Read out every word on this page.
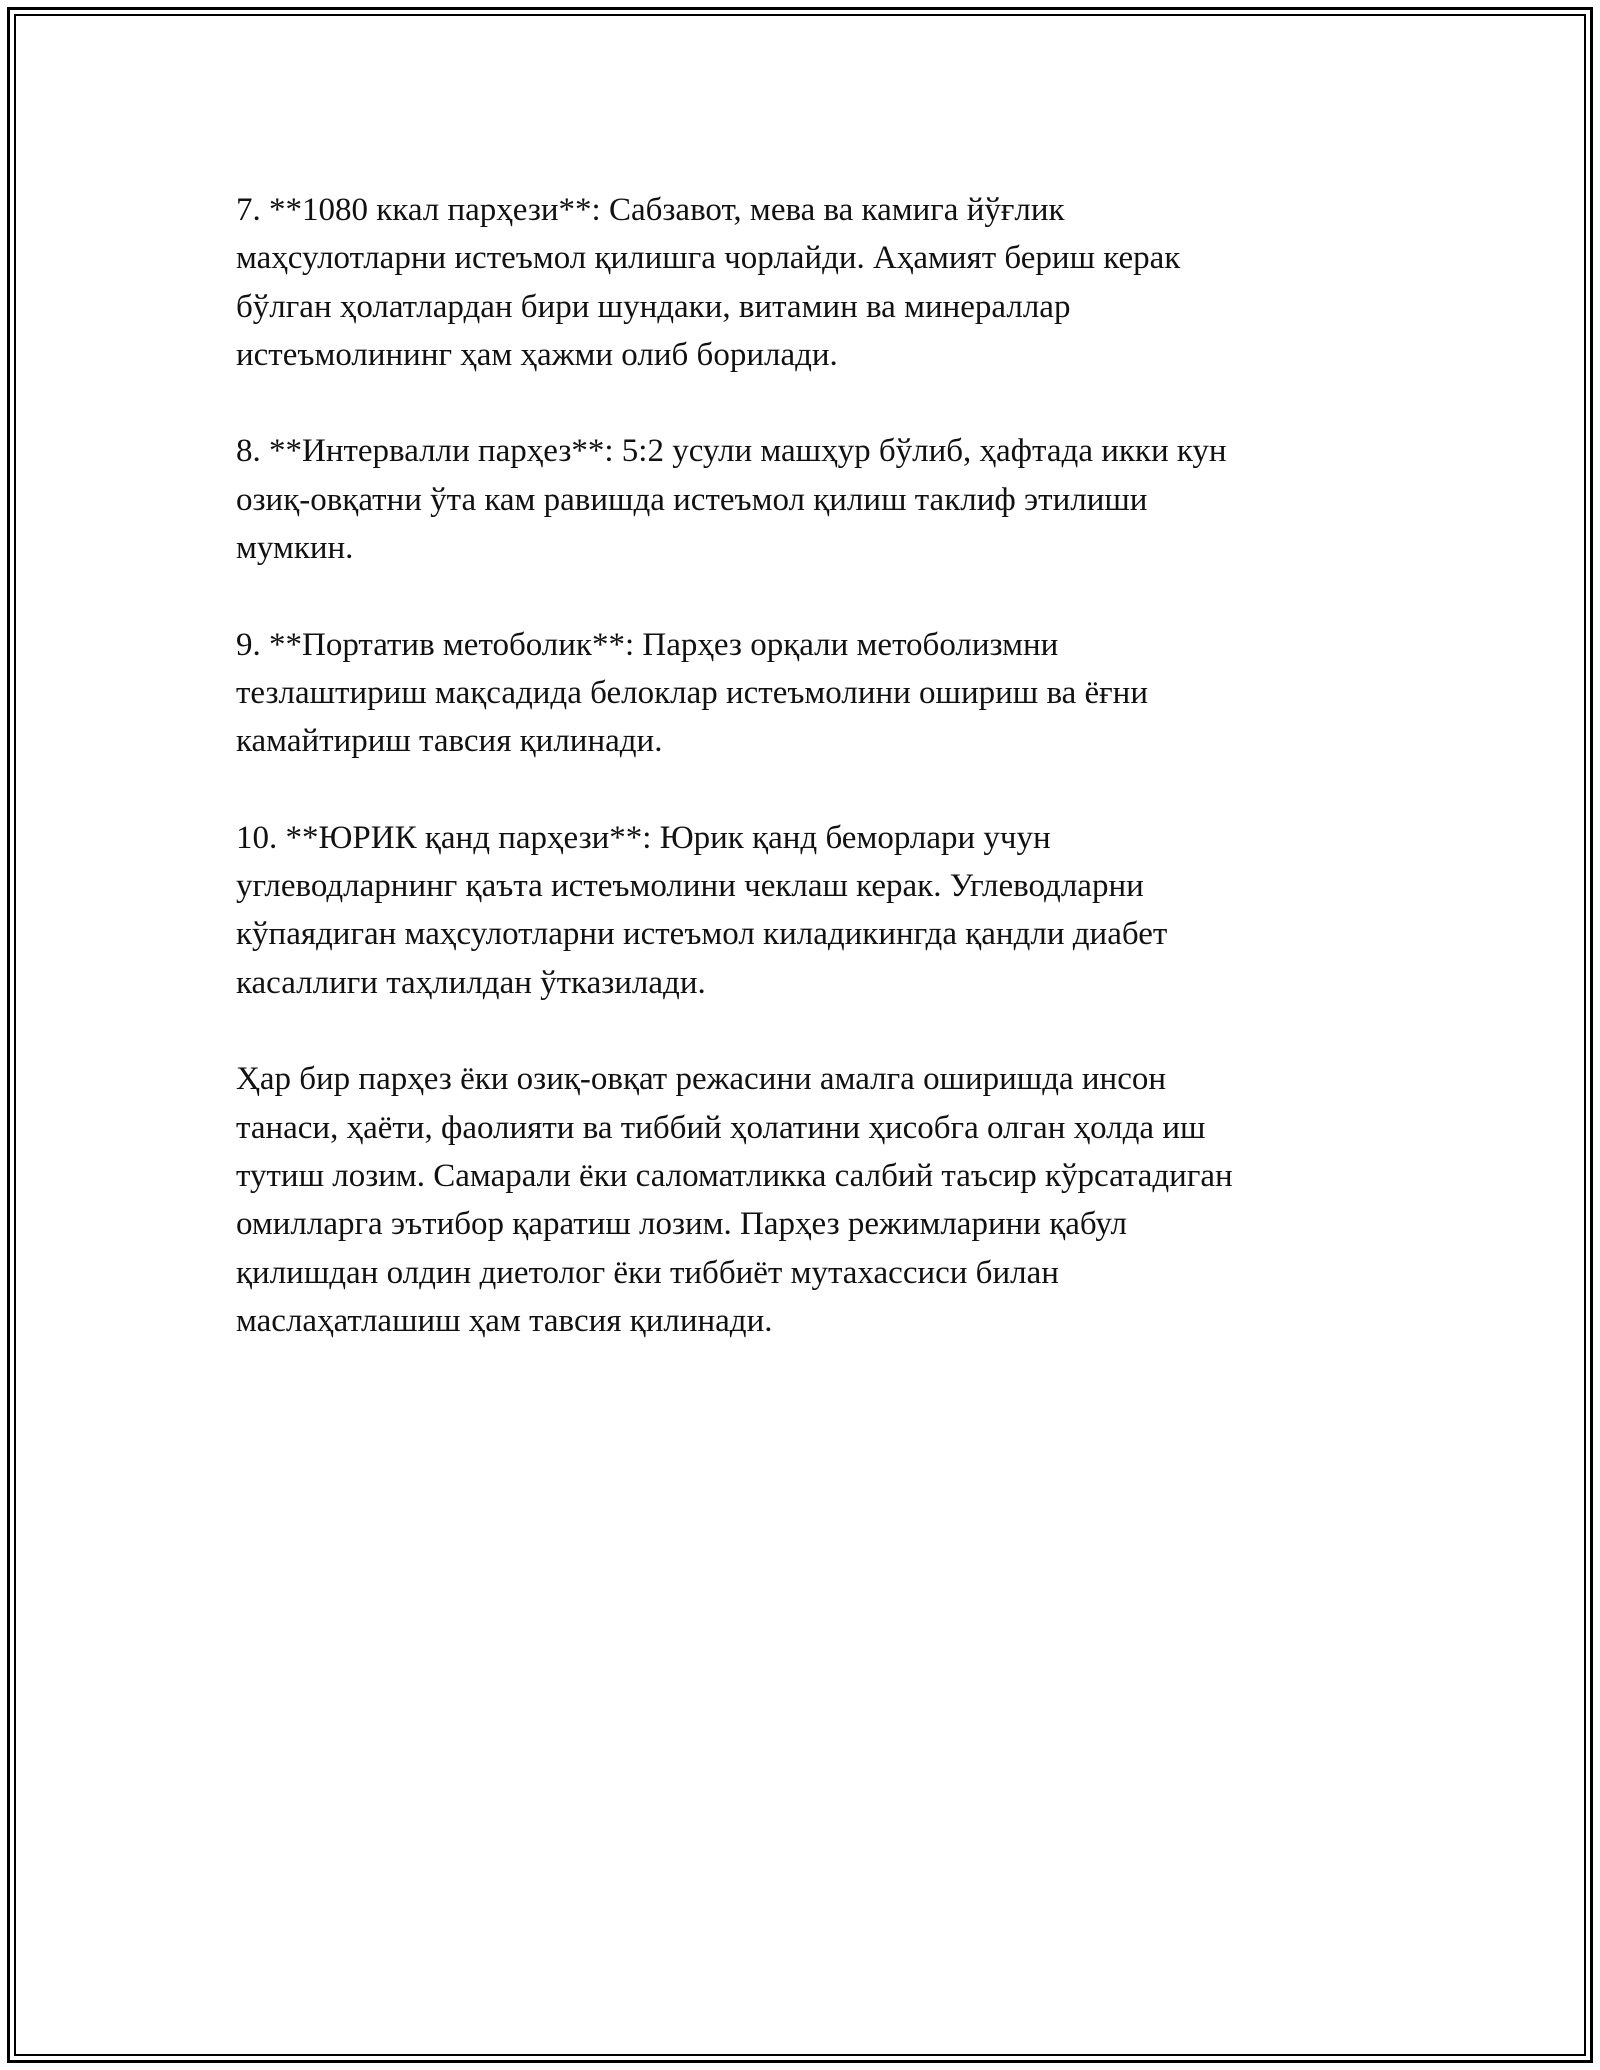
7. **1080 ккал парҳези**: Сабзавот, мева ва камига йўғлик
маҳсулотларни истеъмол қилишга чорлайди. Аҳамият бериш керак
бўлган ҳолатлардан бири шундаки, витамин ва минераллар
истеъмолининг ҳам ҳажми олиб борилади.

8. **Интервалли парҳез**: 5:2 усули машҳур бўлиб, ҳафтада икки кун
озиқ-овқатни ўта кам равишда истеъмол қилиш таклиф этилиши
мумкин.

9. **Портатив метоболик**: Парҳез орқали метоболизмни
тезлаштириш мақсадида белоклар истеъмолини ошириш ва ёғни
камайтириш тавсия қилинади.

10. **ЮРИК қанд парҳези**: Юрик қанд беморлари учун
углеводларнинг қаъта истеъмолини чеклаш керак. Углеводларни
кўпаядиган маҳсулотларни истеъмол киладикингда қандли диабет
касаллиги таҳлилдан ўтказилади.

Ҳар бир парҳез ёки озиқ-овқат режасини амалга оширишда инсон
танаси, ҳаёти, фаолияти ва тиббий ҳолатини ҳисобга олган ҳолда иш
тутиш лозим. Самарали ёки саломатликка салбий таъсир кўрсатадиган
омилларга эътибор қаратиш лозим. Парҳез режимларини қабул
қилишдан олдин диетолог ёки тиббиёт мутахассиси билан
маслаҳатлашиш ҳам тавсия қилинади.
